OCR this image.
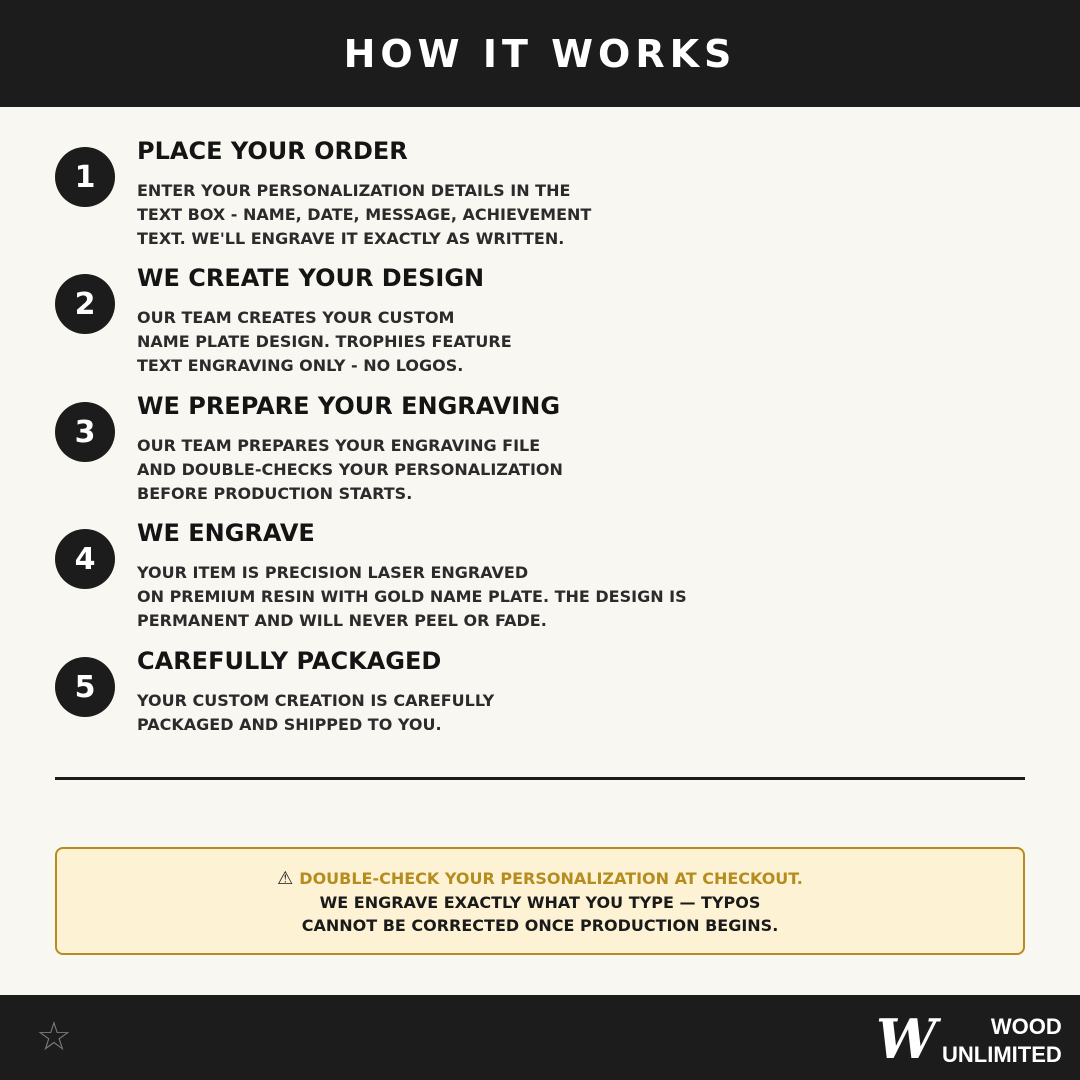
HOW IT WORKS
1
PLACE YOUR ORDER
ENTER YOUR PERSONALIZATION DETAILS IN THE
TEXT BOX - NAME, DATE, MESSAGE, ACHIEVEMENT
TEXT. WE'LL ENGRAVE IT EXACTLY AS WRITTEN.
2
WE CREATE YOUR DESIGN
OUR TEAM CREATES YOUR CUSTOM
NAME PLATE DESIGN. TROPHIES FEATURE
TEXT ENGRAVING ONLY - NO LOGOS.
3
WE PREPARE YOUR ENGRAVING
OUR TEAM PREPARES YOUR ENGRAVING FILE
AND DOUBLE-CHECKS YOUR PERSONALIZATION
BEFORE PRODUCTION STARTS.
4
WE ENGRAVE
YOUR ITEM IS PRECISION LASER ENGRAVED
ON PREMIUM RESIN WITH GOLD NAME PLATE. THE DESIGN IS
PERMANENT AND WILL NEVER PEEL OR FADE.
5
CAREFULLY PACKAGED
YOUR CUSTOM CREATION IS CAREFULLY
PACKAGED AND SHIPPED TO YOU.
⚠ DOUBLE-CHECK YOUR PERSONALIZATION AT CHECKOUT.
WE ENGRAVE EXACTLY WHAT YOU TYPE — TYPOS
CANNOT BE CORRECTED ONCE PRODUCTION BEGINS.
☆	W	WOOD
UNLIMITED
